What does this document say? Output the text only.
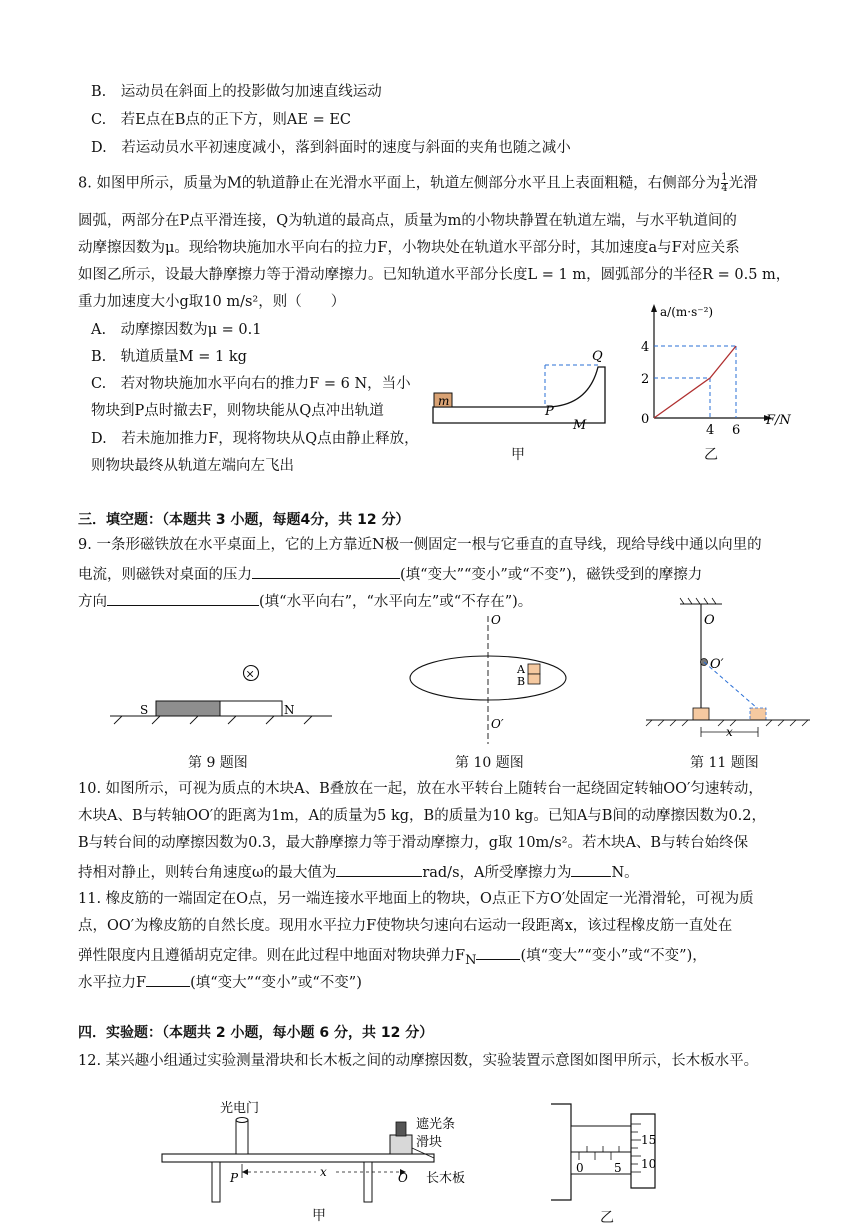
B.　运动员在斜面上的投影做匀加速直线运动
C.　若E点在B点的正下方，则AE = EC
D.　若运动员水平初速度减小，落到斜面时的速度与斜面的夹角也随之减小
8. 如图甲所示，质量为M的轨道静止在光滑水平面上，轨道左侧部分水平且上表面粗糙，右侧部分为 $\frac{1}{4}$ 光滑
圆弧，两部分在P点平滑连接，Q为轨道的最高点，质量为m的小物块静置在轨道左端，与水平轨道间的
动摩擦因数为μ。现给物块施加水平向右的拉力F，小物块处在轨道水平部分时，其加速度a与F对应关系
如图乙所示，设最大静摩擦力等于滑动摩擦力。已知轨道水平部分长度L = 1 m，圆弧部分的半径R = 0.5 m，
重力加速度大小g取10 m/s²，则（　　）
A.　动摩擦因数为μ = 0.1
B.　轨道质量M = 1 kg
C.　若对物块施加水平向右的推力F = 6 N，当小
物块到P点时撤去F，则物块能从Q点冲出轨道
D.　若未施加推力F，现将物块从Q点由静止释放，
则物块最终从轨道左端向左飞出
m
P
Q
M
甲
a/(m·s⁻²)
F/N
4
2
0
4 6
乙
三．填空题：（本题共 3 小题，每题4分，共 12 分）
9. 一条形磁铁放在水平桌面上，它的上方靠近N极一侧固定一根与它垂直的直导线，现给导线中通以向里的
电流，则磁铁对桌面的压力	(填“变大”“变小”或“不变”)，磁铁受到的摩擦力
方向	(填“水平向右”，“水平向左”或“不存在”)。
×
S	N
第 9 题图
A
B
O
O′
第 10 题图
x
O
O′
第 11 题图
10. 如图所示，可视为质点的木块A、B叠放在一起，放在水平转台上随转台一起绕固定转轴OO′匀速转动，
木块A、B与转轴OO′的距离为1m，A的质量为5 kg，B的质量为10 kg。已知A与B间的动摩擦因数为0.2，
B与转台间的动摩擦因数为0.3，最大静摩擦力等于滑动摩擦力，g取 10m/s²。若木块A、B与转台始终保
持相对静止，则转台角速度ω的最大值为	rad/s，A所受摩擦力为	N。
11. 橡皮筋的一端固定在O点，另一端连接水平地面上的物块，O点正下方O′处固定一光滑滑轮，可视为质
点，OO′为橡皮筋的自然长度。现用水平拉力F使物块匀速向右运动一段距离x，该过程橡皮筋一直处在
弹性限度内且遵循胡克定律。则在此过程中地面对物块弹力$F_N$	(填“变大”“变小”或“不变”)，
水平拉力F	(填“变大”“变小”或“不变”)
四．实验题：（本题共 2 小题，每小题 6 分，共 12 分）
12. 某兴趣小组通过实验测量滑块和长木板之间的动摩擦因数，实验装置示意图如图甲所示，长木板水平。
光电门
遮光条
滑块
长木板
P	O
x
甲
15
10
0	5
乙
